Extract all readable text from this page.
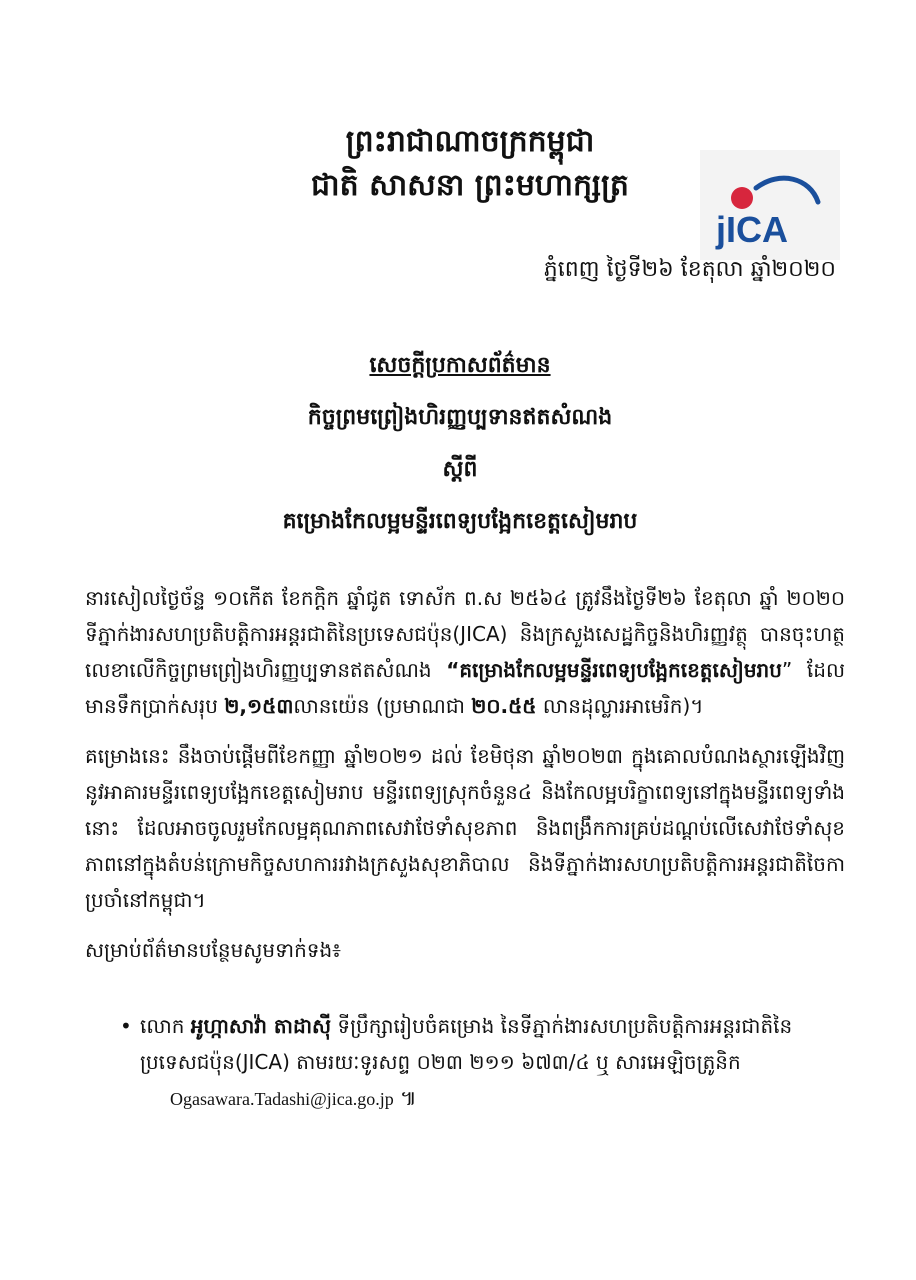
ព្រះរាជាណាចក្រកម្ពុជា
ជាតិ សាសនា ព្រះមហាក្សត្រ
jICA
ភ្នំពេញ ថ្ងៃទី២៦ ខែតុលា ឆ្នាំ២០២០
សេចក្តីប្រកាសព័ត៌មាន
កិច្ចព្រមព្រៀងហិរញ្ញប្បទានឥតសំណង
ស្តីពី
គម្រោងកែលម្អមន្ទីរពេទ្យបង្អែកខេត្តសៀមរាប

នារសៀលថ្ងៃច័ន្ទ ១០កើត ខែកក្តិក ឆ្នាំជូត ទោស័ក ព.ស ២៥៦៤ ត្រូវនឹងថ្ងៃទី២៦ ខែតុលា ឆ្នាំ ២០២០ ទីភ្នាក់ងារសហប្រតិបត្តិការអន្តរជាតិនៃប្រទេសជប៉ុន(JICA) និងក្រសួងសេដ្ឋកិច្ចនិងហិរញ្ញវត្ថុ បានចុះហត្ថលេខាលើកិច្ចព្រមព្រៀងហិរញ្ញប្បទានឥតសំណង “គម្រោងកែលម្អមន្ទីរពេទ្យបង្អែកខេត្តសៀមរាប” ដែលមានទឹកប្រាក់សរុប ២,១៥៣លានយ៉េន (ប្រមាណជា ២០.៥៥ លានដុល្លារអាមេរិក)។

គម្រោងនេះ នឹងចាប់ផ្តើមពីខែកញ្ញា ឆ្នាំ២០២១ ដល់ ខែមិថុនា ឆ្នាំ២០២៣ ក្នុងគោលបំណងស្ថារឡើងវិញនូវអាគារមន្ទីរពេទ្យបង្អែកខេត្តសៀមរាប មន្ទីរពេទ្យស្រុកចំនួន៤ និងកែលម្អបរិក្ខាពេទ្យនៅក្នុងមន្ទីរពេទ្យទាំងនោះ ដែលអាចចូលរួមកែលម្អគុណភាពសេវាថែទាំសុខភាព និងពង្រឹកការគ្រប់ដណ្តប់លើសេវាថែទាំសុខភាពនៅក្នុងតំបន់ក្រោមកិច្ចសហការរវាងក្រសួងសុខាភិបាល និងទីភ្នាក់ងារសហប្រតិបត្តិការអន្តរជាតិចៃកាប្រចាំនៅកម្ពុជា។

សម្រាប់ព័ត៌មានបន្ថែមសូមទាក់ទង៖

• លោក អូហ្កាសាវ៉ា តាដាស៊ី ទីប្រឹក្សារៀបចំគម្រោង នៃទីភ្នាក់ងារសហប្រតិបត្តិការអន្តរជាតិនៃប្រទេសជប៉ុន(JICA) តាមរយៈទូរសព្ទ ០២៣ ២១១ ៦៧៣/៤ ឬ សារអេឡិចត្រូនិក
Ogasawara.Tadashi@jica.go.jp ៕
